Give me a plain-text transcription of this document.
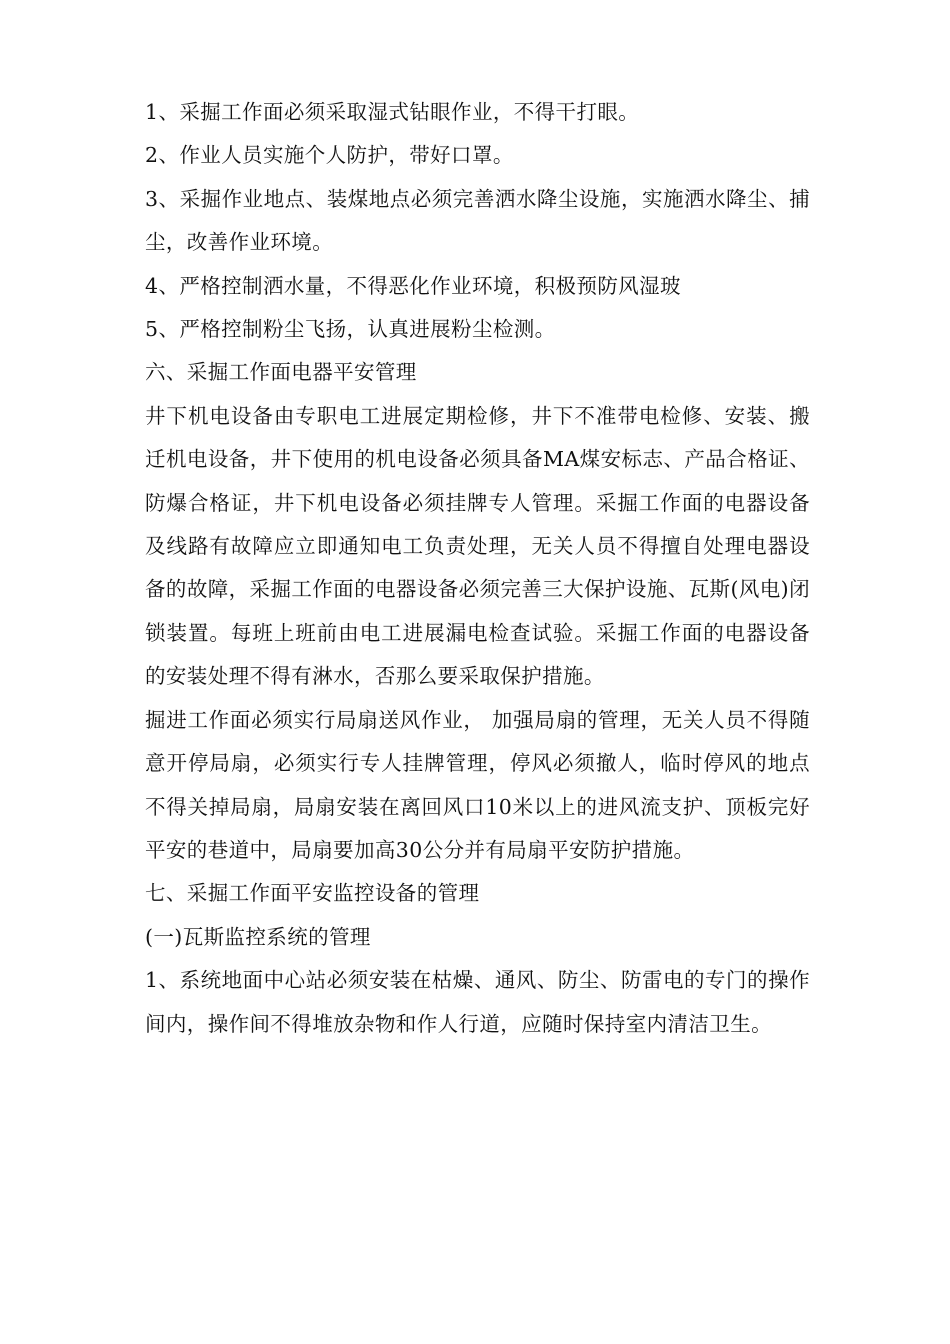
1、采掘工作面必须采取湿式钻眼作业，不得干打眼。

2、作业人员实施个人防护，带好口罩。

3、采掘作业地点、装煤地点必须完善洒水降尘设施，实施洒水降尘、捕尘，改善作业环境。

4、严格控制洒水量，不得恶化作业环境，积极预防风湿玻

5、严格控制粉尘飞扬，认真进展粉尘检测。

六、采掘工作面电器平安管理

井下机电设备由专职电工进展定期检修，井下不准带电检修、安装、搬迁机电设备，井下使用的机电设备必须具备MA煤安标志、产品合格证、防爆合格证，井下机电设备必须挂牌专人管理。采掘工作面的电器设备及线路有故障应立即通知电工负责处理，无关人员不得擅自处理电器设备的故障，采掘工作面的电器设备必须完善三大保护设施、瓦斯(风电)闭锁装置。每班上班前由电工进展漏电检查试验。采掘工作面的电器设备的安装处理不得有淋水，否那么要采取保护措施。

掘进工作面必须实行局扇送风作业， 加强局扇的管理，无关人员不得随意开停局扇，必须实行专人挂牌管理，停风必须撤人，临时停风的地点不得关掉局扇，局扇安装在离回风口10米以上的进风流支护、顶板完好平安的巷道中，局扇要加高30公分并有局扇平安防护措施。

七、采掘工作面平安监控设备的管理

(一)瓦斯监控系统的管理

1、系统地面中心站必须安装在枯燥、通风、防尘、防雷电的专门的操作间内，操作间不得堆放杂物和作人行道，应随时保持室内清洁卫生。
